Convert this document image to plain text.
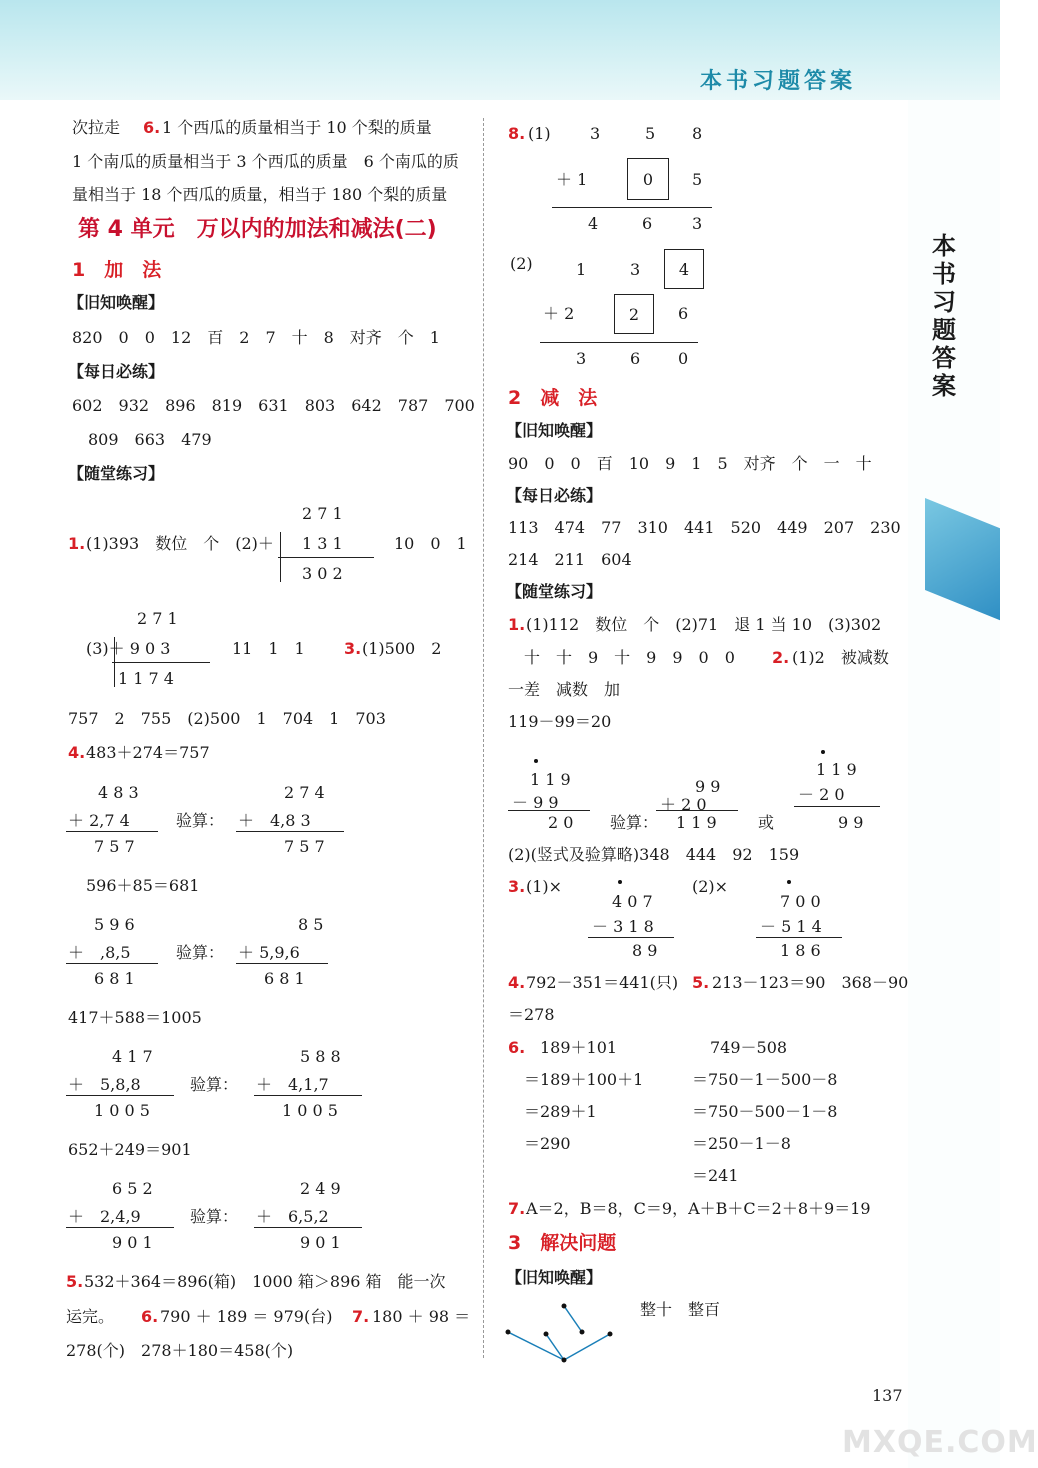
本书习题答案
本书习题答案
次拉走 6. 1 个西瓜的质量相当于 10 个梨的质量
1 个南瓜的质量相当于 3 个西瓜的质量　6 个南瓜的质
量相当于 18 个西瓜的质量，相当于 180 个梨的质量
第 4 单元　万以内的加法和减法(二)
1　加　法
【旧知唤醒】
820　0　0　12　百　2　7　十　8　对齐　个　1
【每日必练】
602　932　896　819　631　803　642　787　700
809　663　479
【随堂练习】
2 7 1
1. (1)393　数位　个　(2)＋ 1 3 1
3 0 2
10　0　1
2 7 1
(3)＋ 9 0 3
1 1 7 4
11　1　1 3. (1)500　2
757　2　755　(2)500　1　704　1　703
4. 483＋274＝757
4 8 3
＋ 2,7 4
7 5 7
验算：
2 7 4
＋　4,8 3
7 5 7
596＋85＝681
5 9 6
＋　,8,5
6 8 1
验算：
8 5
＋ 5,9,6
6 8 1
417＋588＝1005
4 1 7
＋　5,8,8
1 0 0 5
验算：
5 8 8
＋　4,1,7
1 0 0 5
652＋249＝901
6 5 2
＋　2,4,9
9 0 1
验算：
2 4 9
＋　6,5,2
9 0 1
5. 532＋364＝896(箱)　1000 箱＞896 箱　能一次
运完。 6. 790 ＋ 189 ＝ 979(台) 7. 180 ＋ 98 ＝
278(个)　278＋180＝458(个)
8. (1) 3	5 8
＋ 1	0	5
4	6 3
(2)	1	3	4
＋ 2	2	6
3	6 0
2　减　法
【旧知唤醒】
90　0　0　百　10　9　1　5　对齐　个　一　十
【每日必练】
113　474　77　310　441　520　449　207　230
214　211　604
【随堂练习】
1. (1)112　数位　个　(2)71　退 1 当 10　(3)302
十　十　9　十　9　9　0　0 2. (1)2　被减数
一差　减数　加
119－99＝20
1 1 9
－ 9 9
2 0 验算：
9 9
＋ 2 0
1 1 9	或
1 1 9
－ 2 0
9 9
(2)(竖式及验算略)348　444　92　159
3. (1)×
4 0 7
－ 3 1 8
8 9
(2)×
7 0 0
－ 5 1 4
1 8 6
4. 792－351＝441(只) 5. 213－123＝90　368－90
＝278
6. 189＋101
＝189＋100＋1
＝289＋1
＝290
749－508
＝750－1－500－8
＝750－500－1－8
＝250－1－8
＝241
7. A＝2，B＝8，C＝9，A＋B＋C＝2＋8＋9＝19
3　解决问题
【旧知唤醒】
整十　整百
137
MXQE.COM
